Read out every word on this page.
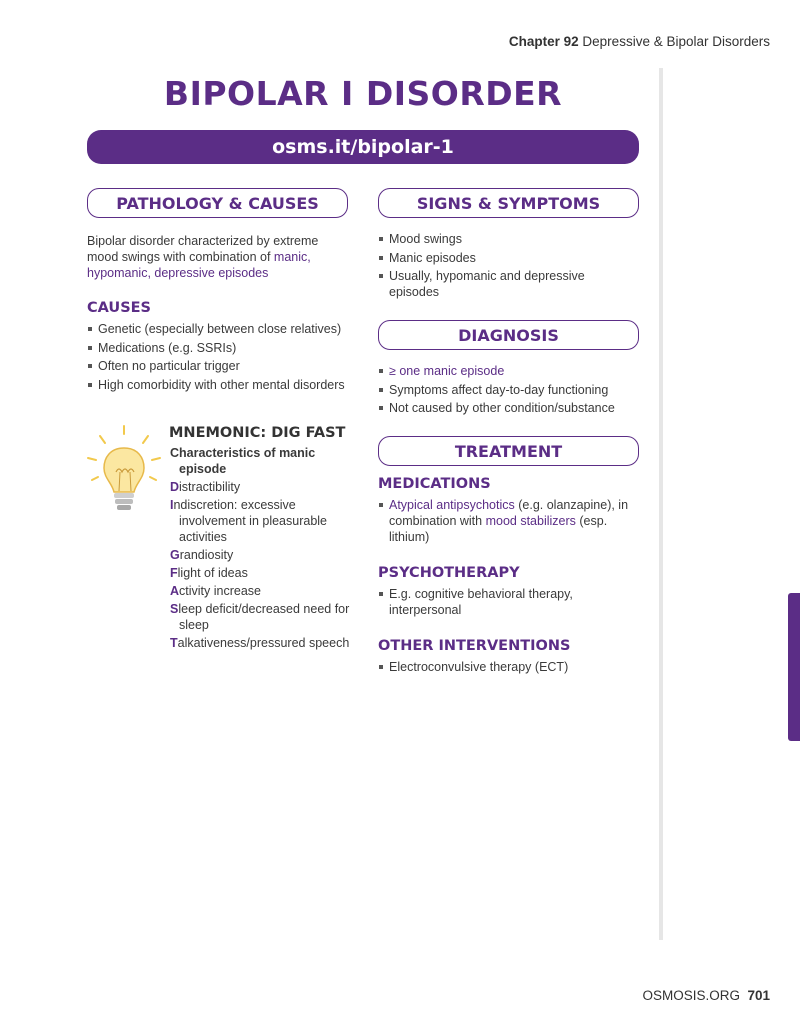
Chapter 92 Depressive & Bipolar Disorders
BIPOLAR I DISORDER
osms.it/bipolar-1
PATHOLOGY & CAUSES
Bipolar disorder characterized by extreme mood swings with combination of manic, hypomanic, depressive episodes
CAUSES
Genetic (especially between close relatives)
Medications (e.g. SSRIs)
Often no particular trigger
High comorbidity with other mental disorders
MNEMONIC: DIG FAST
Characteristics of manic episode
Distractibility
Indiscretion: excessive involvement in pleasurable activities
Grandiosity
Flight of ideas
Activity increase
Sleep deficit/decreased need for sleep
Talkativeness/pressured speech
SIGNS & SYMPTOMS
Mood swings
Manic episodes
Usually, hypomanic and depressive episodes
DIAGNOSIS
≥ one manic episode
Symptoms affect day-to-day functioning
Not caused by other condition/substance
TREATMENT
MEDICATIONS
Atypical antipsychotics (e.g. olanzapine), in combination with mood stabilizers (esp. lithium)
PSYCHOTHERAPY
E.g. cognitive behavioral therapy, interpersonal
OTHER INTERVENTIONS
Electroconvulsive therapy (ECT)
OSMOSIS.ORG 701
